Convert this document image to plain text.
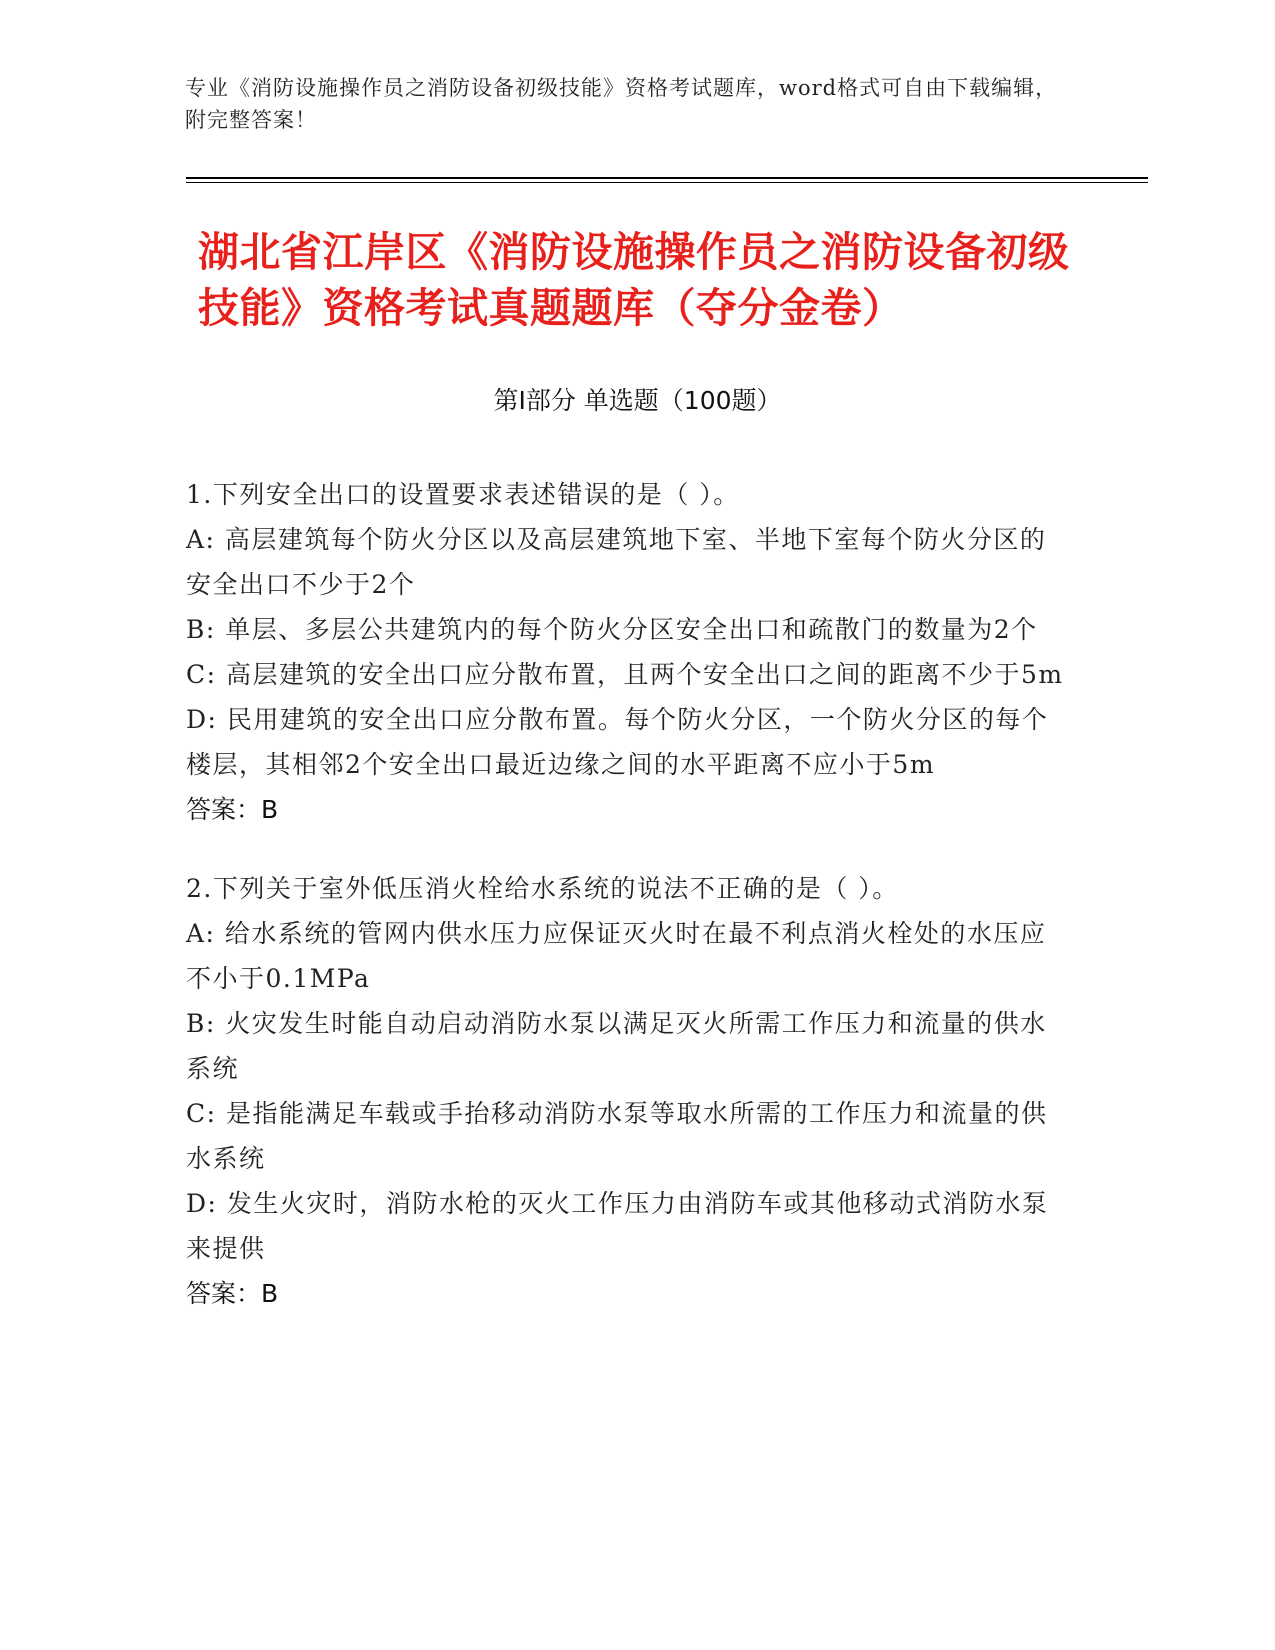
专业《消防设施操作员之消防设备初级技能》资格考试题库，word格式可自由下载编辑，附完整答案！
湖北省江岸区《消防设施操作员之消防设备初级技能》资格考试真题题库（夺分金卷）
第Ⅰ部分 单选题（100题）
1.下列安全出口的设置要求表述错误的是（ ）。
A: 高层建筑每个防火分区以及高层建筑地下室、半地下室每个防火分区的安全出口不少于2个
B: 单层、多层公共建筑内的每个防火分区安全出口和疏散门的数量为2个
C: 高层建筑的安全出口应分散布置，且两个安全出口之间的距离不少于5m
D: 民用建筑的安全出口应分散布置。每个防火分区，一个防火分区的每个楼层，其相邻2个安全出口最近边缘之间的水平距离不应小于5m
答案：B
2.下列关于室外低压消火栓给水系统的说法不正确的是（ ）。
A: 给水系统的管网内供水压力应保证灭火时在最不利点消火栓处的水压应不小于0.1MPa
B: 火灾发生时能自动启动消防水泵以满足灭火所需工作压力和流量的供水系统
C: 是指能满足车载或手抬移动消防水泵等取水所需的工作压力和流量的供水系统
D: 发生火灾时，消防水枪的灭火工作压力由消防车或其他移动式消防水泵来提供
答案：B
